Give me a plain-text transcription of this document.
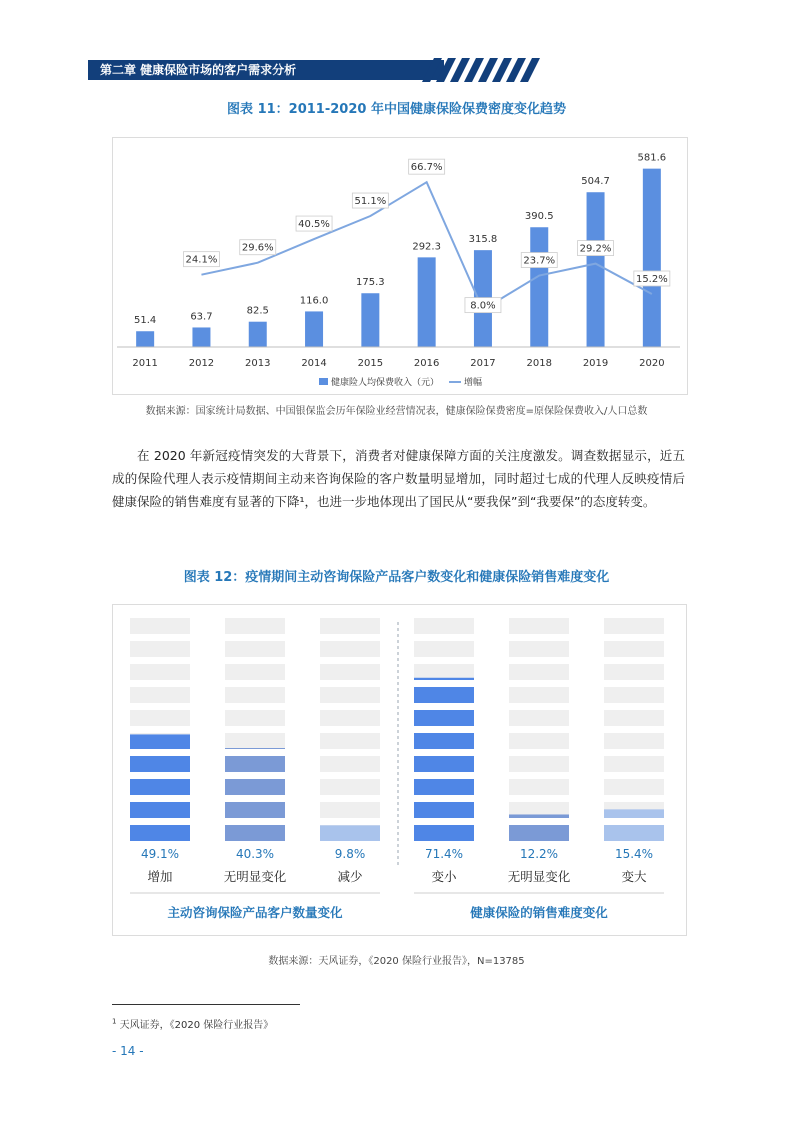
第二章 健康保险市场的客户需求分析
图表 11：2011-2020 年中国健康保险保费密度变化趋势
51.4	63.7
82.5
116.0
175.3
292.3
315.8
390.5
504.7
581.6
24.1%
29.6%
40.5%
51.1%
66.7%
8.0%
23.7%
29.2%
15.2%
2011	2012	2013	2014	2015	2016	2017	2018	2019	2020
健康险人均保费收入（元）	增幅
数据来源：国家统计局数据、中国银保监会历年保险业经营情况表，健康保险保费密度=原保险保费收入/人口总数

在 2020 年新冠疫情突发的大背景下，消费者对健康保障方面的关注度激发。调查数据显示，近五成的保险代理人表示疫情期间主动来咨询保险的客户数量明显增加，同时超过七成的代理人反映疫情后健康保险的销售难度有显著的下降¹，也进一步地体现出了国民从“要我保”到“我要保”的态度转变。

图表 12：疫情期间主动咨询保险产品客户数变化和健康保险销售难度变化
49.1%
增加
40.3%
无明显变化
9.8%
减少
71.4%
变小
12.2%
无明显变化
15.4%
变大
主动咨询保险产品客户数量变化	健康保险的销售难度变化
数据来源：天风证券，《2020 保险行业报告》，N=13785
$^1$ 天风证券，《2020 保险行业报告》
- 14 -
